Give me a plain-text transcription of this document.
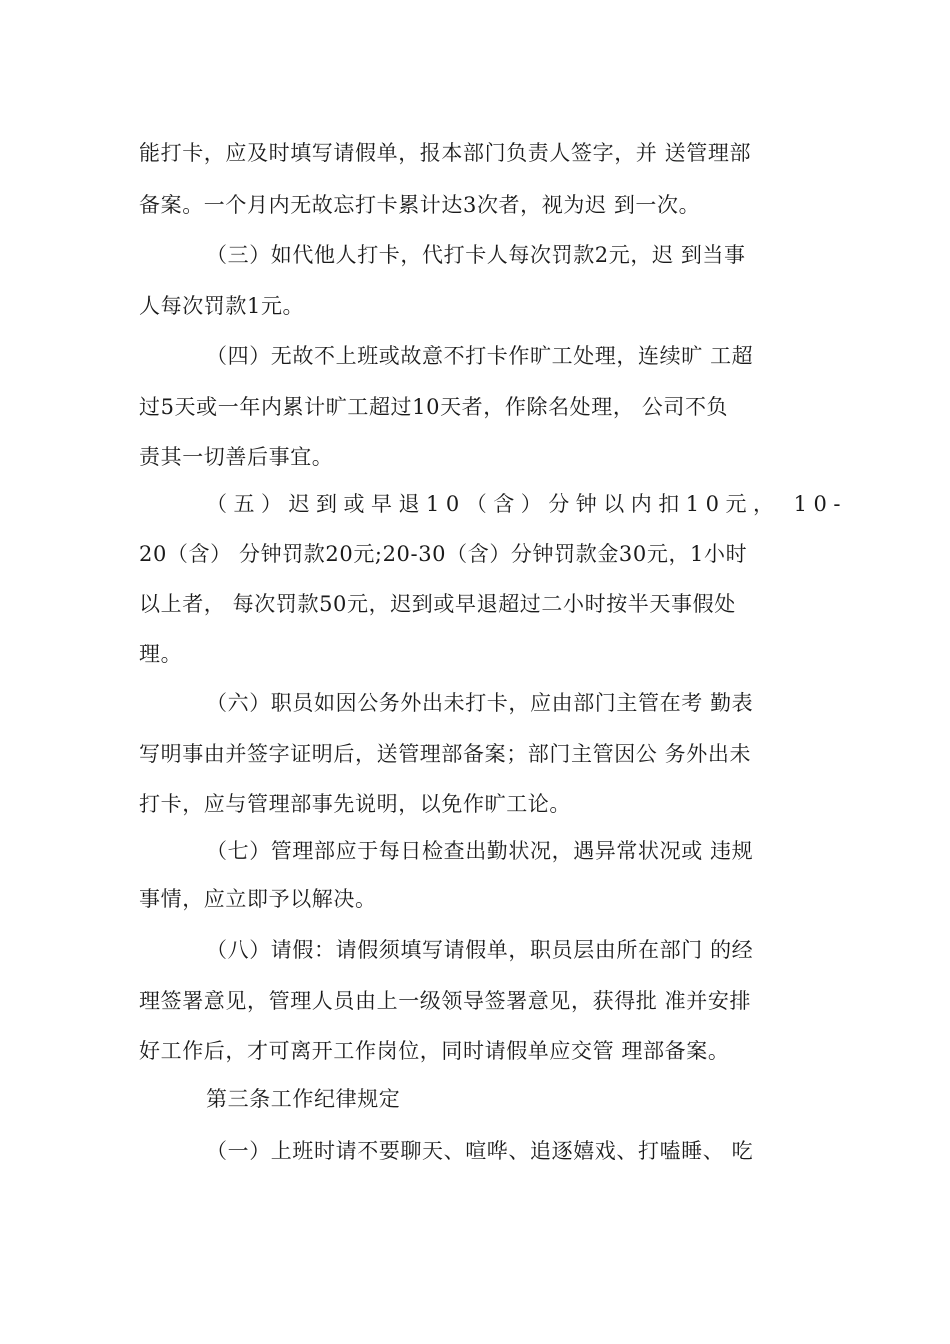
能打卡，应及时填写请假单，报本部门负责人签字，并 送管理部
备案。一个月内无故忘打卡累计达3次者，视为迟 到一次。
（三）如代他人打卡，代打卡人每次罚款2元，迟 到当事
人每次罚款1元。
（四）无故不上班或故意不打卡作旷工处理，连续旷 工超
过5天或一年内累计旷工超过10天者，作除名处理， 公司不负
责其一切善后事宜。
（五）迟到或早退10（含）分钟以内扣10元， 10-
20（含） 分钟罚款20元;20-30（含）分钟罚款金30元，1小时
以上者， 每次罚款50元，迟到或早退超过二小时按半天事假处
理。
（六）职员如因公务外出未打卡，应由部门主管在考 勤表
写明事由并签字证明后，送管理部备案；部门主管因公 务外出未
打卡，应与管理部事先说明，以免作旷工论。
（七）管理部应于每日检查出勤状况，遇异常状况或 违规
事情，应立即予以解决。
（八）请假：请假须填写请假单，职员层由所在部门 的经
理签署意见，管理人员由上一级领导签署意见，获得批 准并安排
好工作后，才可离开工作岗位，同时请假单应交管 理部备案。
第三条工作纪律规定
（一）上班时请不要聊天、喧哗、追逐嬉戏、打嗑睡、 吃
